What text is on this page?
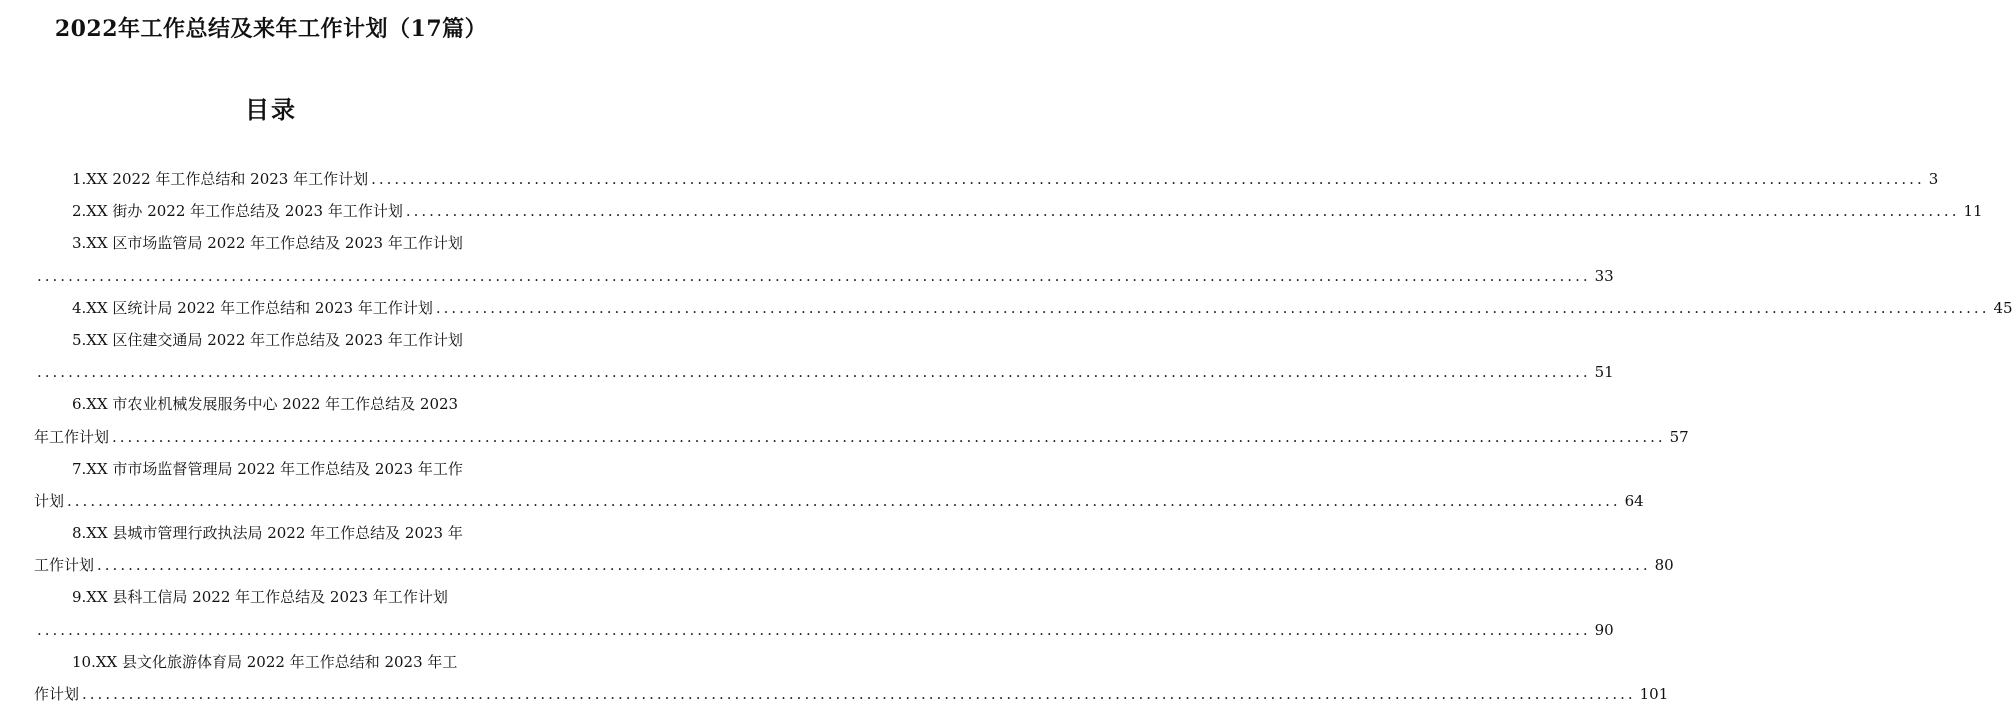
2022年工作总结及来年工作计划（17篇）
目录
1.XX 2022 年工作总结和 2023 年工作计划 ........................................................................................................................................................................................................ 3
2.XX 街办 2022 年工作总结及 2023 年工作计划 ........................................................................................................................................................................................................ 11
3.XX 区市场监管局 2022 年工作总结及 2023 年工作计划
........................................................................................................................................................................................................ 33
4.XX 区统计局 2022 年工作总结和 2023 年工作计划 ........................................................................................................................................................................................................ 45
5.XX 区住建交通局 2022 年工作总结及 2023 年工作计划
........................................................................................................................................................................................................ 51
6.XX 市农业机械发展服务中心 2022 年工作总结及 2023
年工作计划 ........................................................................................................................................................................................................ 57
7.XX 市市场监督管理局 2022 年工作总结及 2023 年工作
计划 ........................................................................................................................................................................................................ 64
8.XX 县城市管理行政执法局 2022 年工作总结及 2023 年
工作计划 ........................................................................................................................................................................................................ 80
9.XX 县科工信局 2022 年工作总结及 2023 年工作计划
........................................................................................................................................................................................................ 90
10.XX 县文化旅游体育局 2022 年工作总结和 2023 年工
作计划 ........................................................................................................................................................................................................ 101
